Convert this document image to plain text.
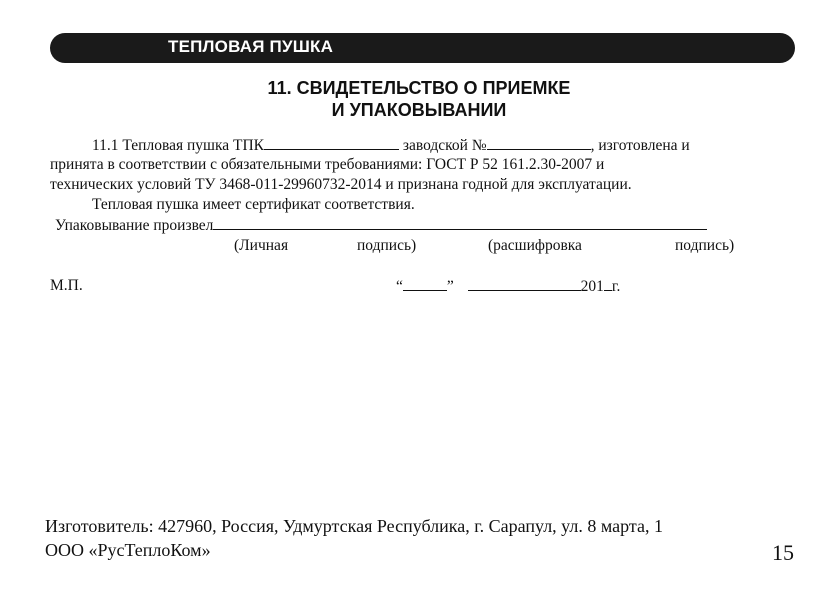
ТЕПЛОВАЯ ПУШКА
11. СВИДЕТЕЛЬСТВО О ПРИЕМКЕ
И УПАКОВЫВАНИИ
11.1 Тепловая пушка ТПК	заводской №	, изготовлена и
принята в соответствии с обязательными требованиями: ГОСТ Р 52 161.2.30-2007 и
технических условий ТУ 3468-011-29960732-2014 и признана годной для эксплуатации.
Тепловая пушка имеет сертификат соответствия.
Упаковывание произвел
(Личная	подпись)	(расшифровка	подпись)
М.П.	“	”	201 г.
Изготовитель: 427960, Россия, Удмуртская Республика, г. Сарапул, ул. 8 марта, 1
ООО «РусТеплоКом»	15
